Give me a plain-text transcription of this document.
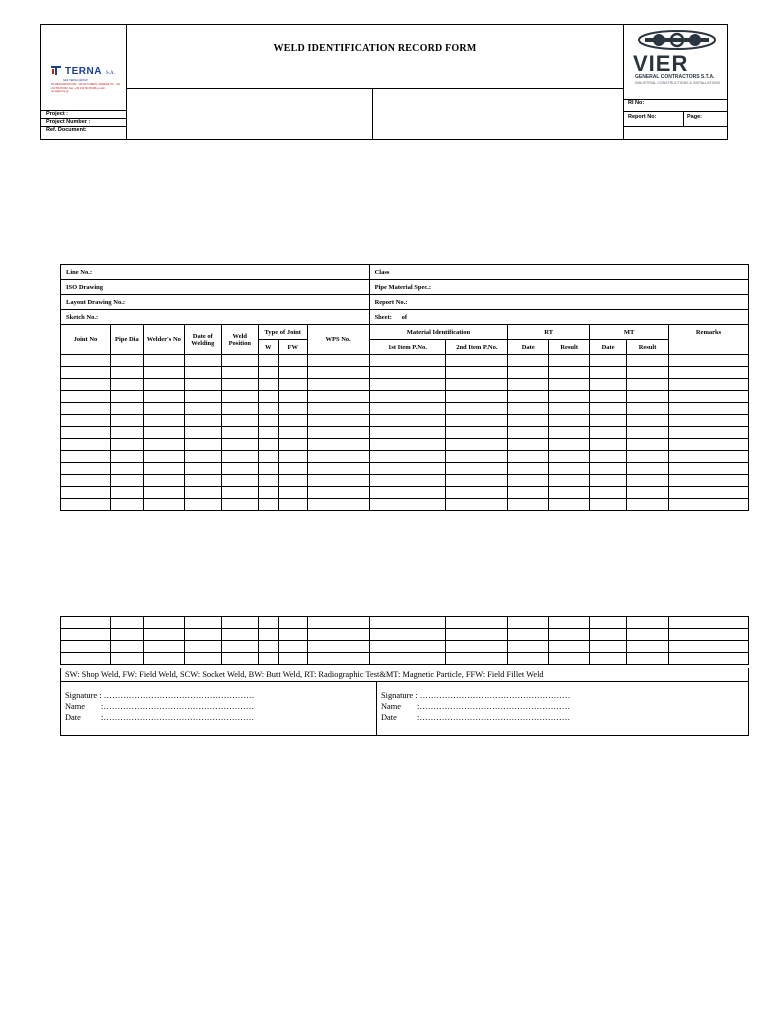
WELD IDENTIFICATION RECORD FORM
TERNA S.A.
GEK TERNA GROUP
85 MESOGEION AVE., 115 26 ATHENS, GREECE Tel.: +30 210 69 68 000, Fax: +30 210 69 68 098 e-mail: terna@terna.gr
Project :
Project Number :
Ref. Document:
VIER
GENERAL CONTRACTORS S.T.A.
INDUSTRIAL CONSTRUCTIONS & INSTALLATIONS
RI No:
Report No:	Page:
Line No.:								Class						
ISO Drawing								Pipe Material Spec.:						
Layout Drawing No.:								Report No.:						
Sketch No.:								Sheet:      of						
Joint No	Pipe Dia	Welder's No	Date of Welding	Weld Position	Type of Joint		WPS No.	Material Identification		RT		MT		Remarks
					W	FW		1st Item P.No.	2nd Item P.No.	Date	Result	Date	Result	

SW: Shop Weld, FW: Field Weld, SCW: Socket Weld, BW: Butt Weld, RT: Radiographic Test&MT: Magnetic Particle, FFW: Field Fillet Weld
Signature : ………………………………………………
Name :………………………………………………
Date :………………………………………………
Signature : ………………………………………………
Name :………………………………………………
Date :………………………………………………
